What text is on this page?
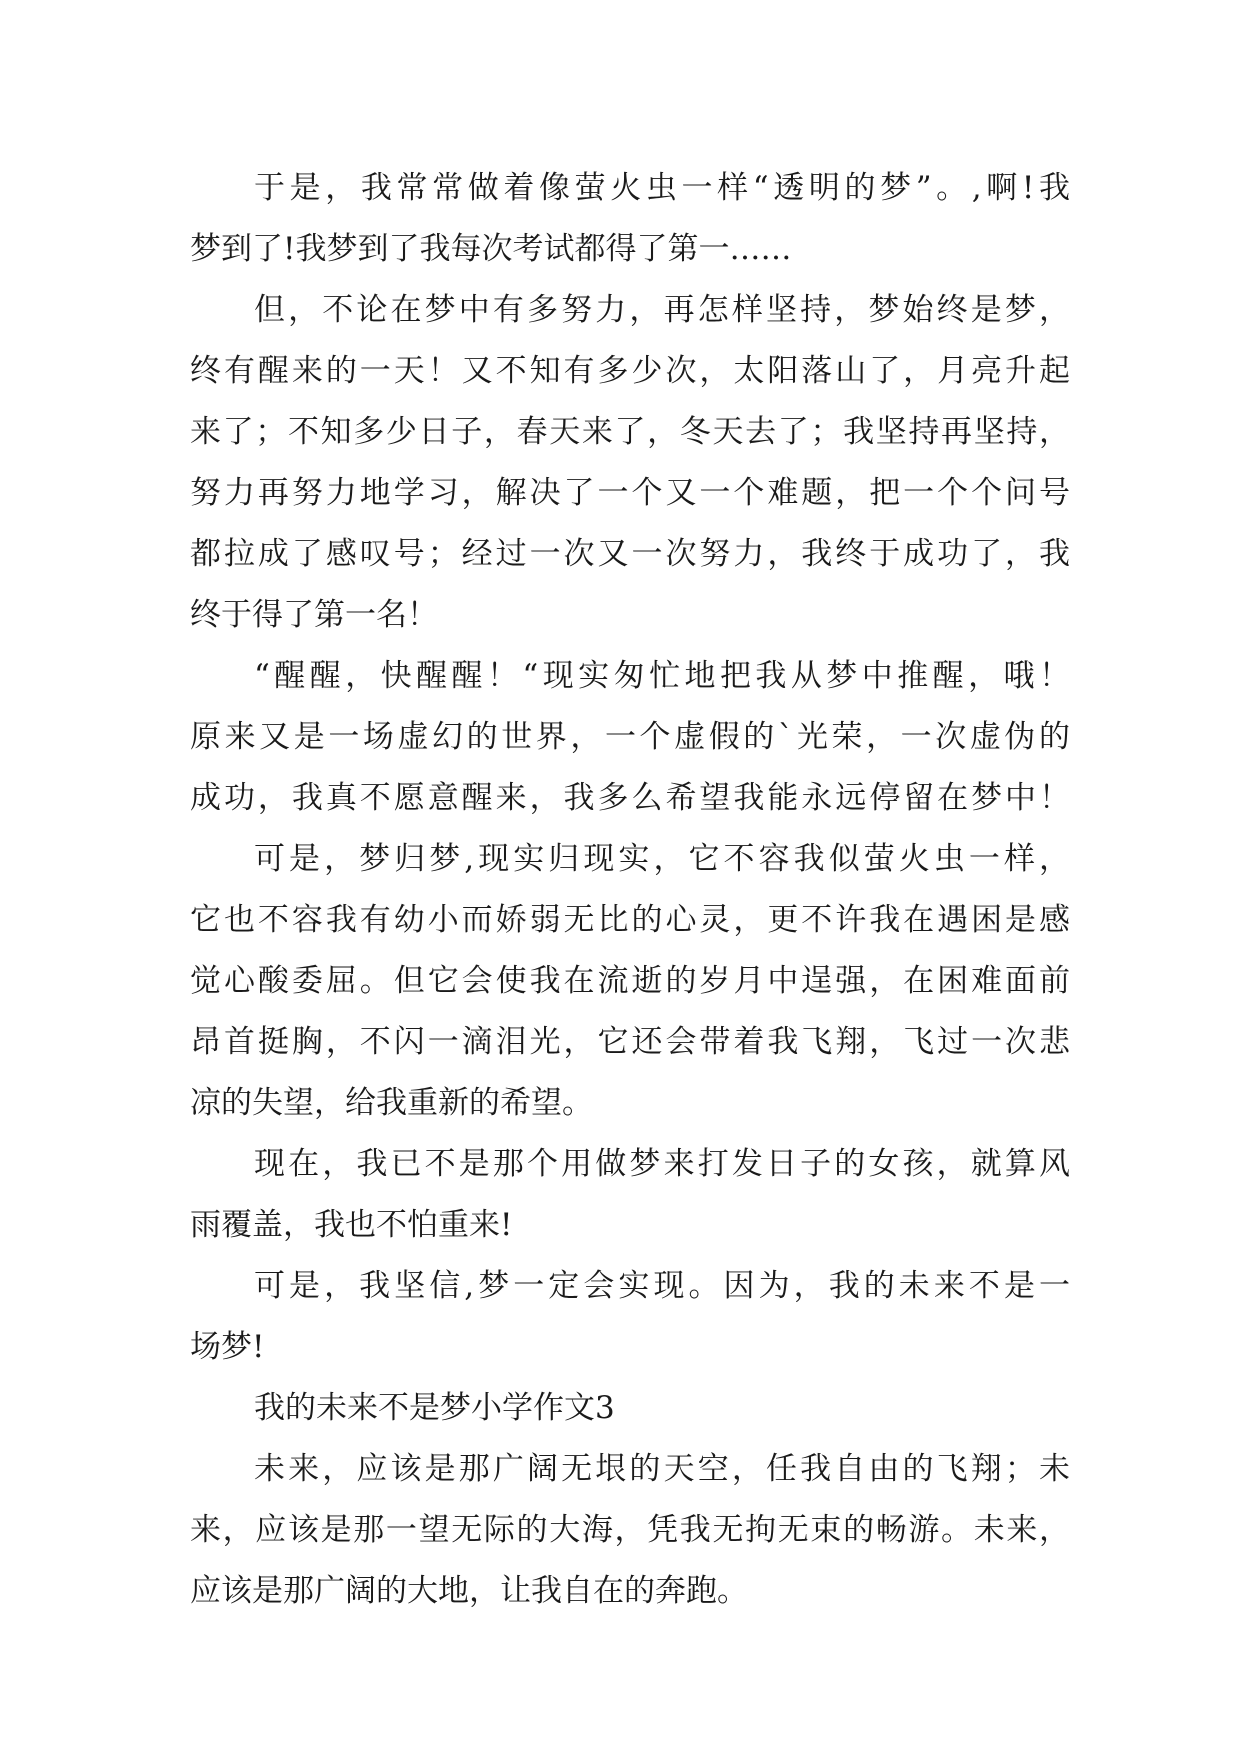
于是，我常常做着像萤火虫一样“透明的梦”。,啊!我
梦到了!我梦到了我每次考试都得了第一……
但，不论在梦中有多努力，再怎样坚持，梦始终是梦，
终有醒来的一天！又不知有多少次，太阳落山了，月亮升起
来了；不知多少日子，春天来了，冬天去了；我坚持再坚持，
努力再努力地学习，解决了一个又一个难题，把一个个问号
都拉成了感叹号；经过一次又一次努力，我终于成功了，我
终于得了第一名！
“醒醒，快醒醒！“现实匆忙地把我从梦中推醒，哦！
原来又是一场虚幻的世界，一个虚假的`光荣，一次虚伪的
成功，我真不愿意醒来，我多么希望我能永远停留在梦中！
可是，梦归梦,现实归现实，它不容我似萤火虫一样，
它也不容我有幼小而娇弱无比的心灵，更不许我在遇困是感
觉心酸委屈。但它会使我在流逝的岁月中逞强，在困难面前
昂首挺胸，不闪一滴泪光，它还会带着我飞翔，飞过一次悲
凉的失望，给我重新的希望。
现在，我已不是那个用做梦来打发日子的女孩，就算风
雨覆盖，我也不怕重来!
可是，我坚信,梦一定会实现。因为，我的未来不是一
场梦!
我的未来不是梦小学作文3
未来，应该是那广阔无垠的天空，任我自由的飞翔；未
来，应该是那一望无际的大海，凭我无拘无束的畅游。未来，
应该是那广阔的大地，让我自在的奔跑。
